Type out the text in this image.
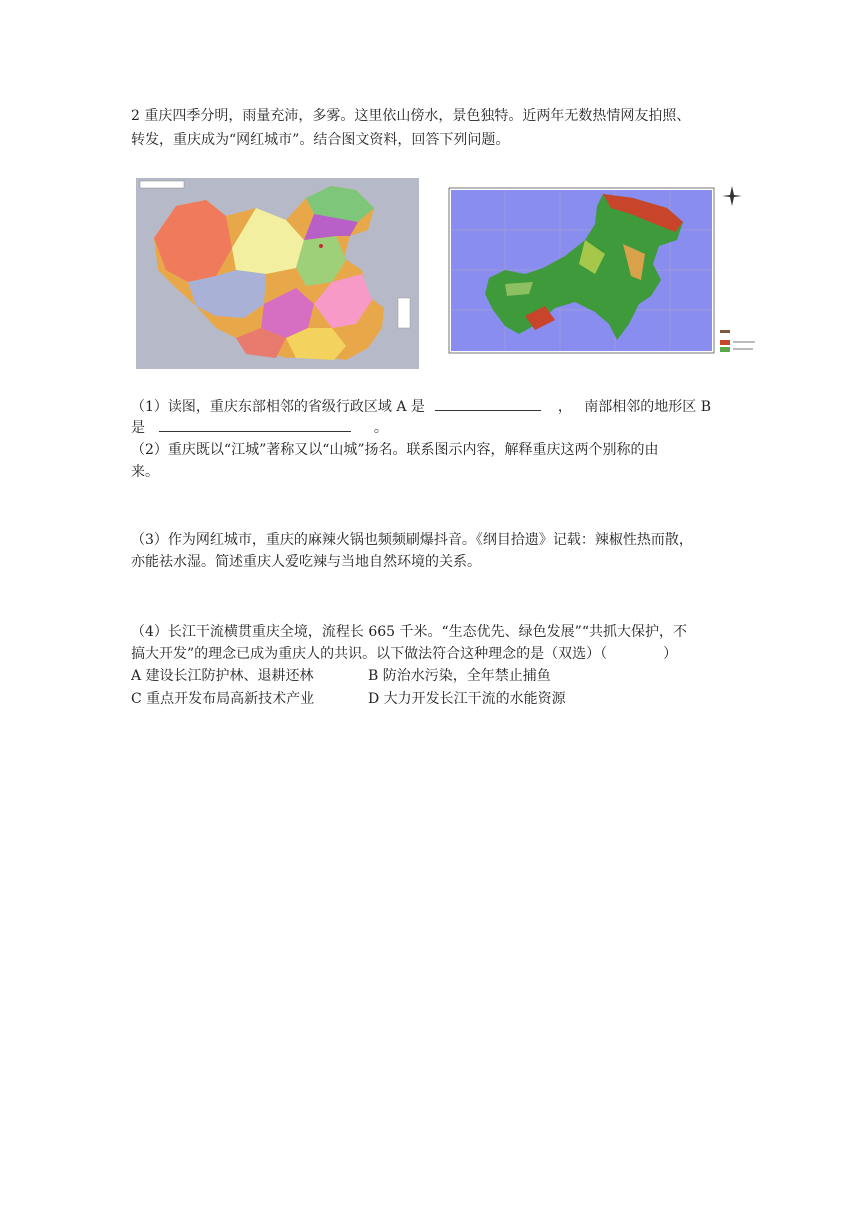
2 重庆四季分明，雨量充沛，多雾。这里依山傍水，景色独特。近两年无数热情网友拍照、
转发，重庆成为“网红城市”。结合图文资料，回答下列问题。
（1）读图，重庆东部相邻的省级行政区域 A 是	， 南部相邻的地形区 B
是	。
（2）重庆既以“江城”著称又以“山城”扬名。联系图示内容，解释重庆这两个别称的由
来。
（3）作为网红城市，重庆的麻辣火锅也频频刷爆抖音。《纲目拾遗》记载：辣椒性热而散，
亦能祛水湿。简述重庆人爱吃辣与当地自然环境的关系。
（4）长江干流横贯重庆全境，流程长 665 千米。“生态优先、绿色发展”“共抓大保护，不
搞大开发”的理念已成为重庆人的共识。以下做法符合这种理念的是（双选）（	）
A 建设长江防护林、退耕还林	B 防治水污染，全年禁止捕鱼
C 重点开发布局高新技术产业	D 大力开发长江干流的水能资源
